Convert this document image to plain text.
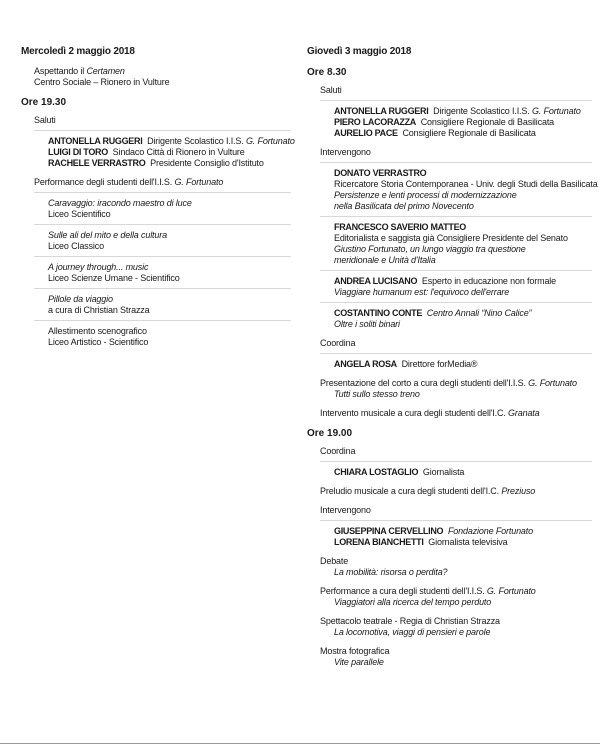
Mercoledì 2 maggio 2018
Aspettando il Certamen
Centro Sociale – Rionero in Vulture
Ore 19.30
Saluti
ANTONELLA RUGGERI Dirigente Scolastico I.I.S. G. Fortunato
LUIGI DI TORO Sindaco Città di Rionero in Vulture
RACHELE VERRASTRO Presidente Consiglio d'Istituto
Performance degli studenti dell'I.I.S. G. Fortunato
Caravaggio: iracondo maestro di luce
Liceo Scientifico
Sulle ali del mito e della cultura
Liceo Classico
A journey through... music
Liceo Scienze Umane - Scientifico
Pillole da viaggio
a cura di Christian Strazza
Allestimento scenografico
Liceo Artistico - Scientifico
Giovedì 3 maggio 2018
Ore 8.30
Saluti
ANTONELLA RUGGERI Dirigente Scolastico I.I.S. G. Fortunato
PIERO LACORAZZA Consigliere Regionale di Basilicata
AURELIO PACE Consigliere Regionale di Basilicata
Intervengono
DONATO VERRASTRO
Ricercatore Storia Contemporanea - Univ. degli Studi della Basilicata
Persistenze e lenti processi di modernizzazione
nella Basilicata del primo Novecento
FRANCESCO SAVERIO MATTEO
Editorialista e saggista già Consigliere Presidente del Senato
Giustino Fortunato, un lungo viaggio tra questione
meridionale e Unità d'Italia
ANDREA LUCISANO Esperto in educazione non formale
Viaggiare humanum est: l'equivoco dell'errare
COSTANTINO CONTE Centro Annali “Nino Calice”
Oltre i soliti binari
Coordina
ANGELA ROSA Direttore forMedia®
Presentazione del corto a cura degli studenti dell'I.I.S. G. Fortunato
Tutti sullo stesso treno
Intervento musicale a cura degli studenti dell'I.C. Granata
Ore 19.00
Coordina
CHIARA LOSTAGLIO Giornalista
Preludio musicale a cura degli studenti dell'I.C. Preziuso
Intervengono
GIUSEPPINA CERVELLINO Fondazione Fortunato
LORENA BIANCHETTI Giornalista televisiva
Debate
La mobilità: risorsa o perdita?
Performance a cura degli studenti dell'I.I.S. G. Fortunato
Viaggiatori alla ricerca del tempo perduto
Spettacolo teatrale - Regia di Christian Strazza
La locomotiva, viaggi di pensieri e parole
Mostra fotografica
Vite parallele
